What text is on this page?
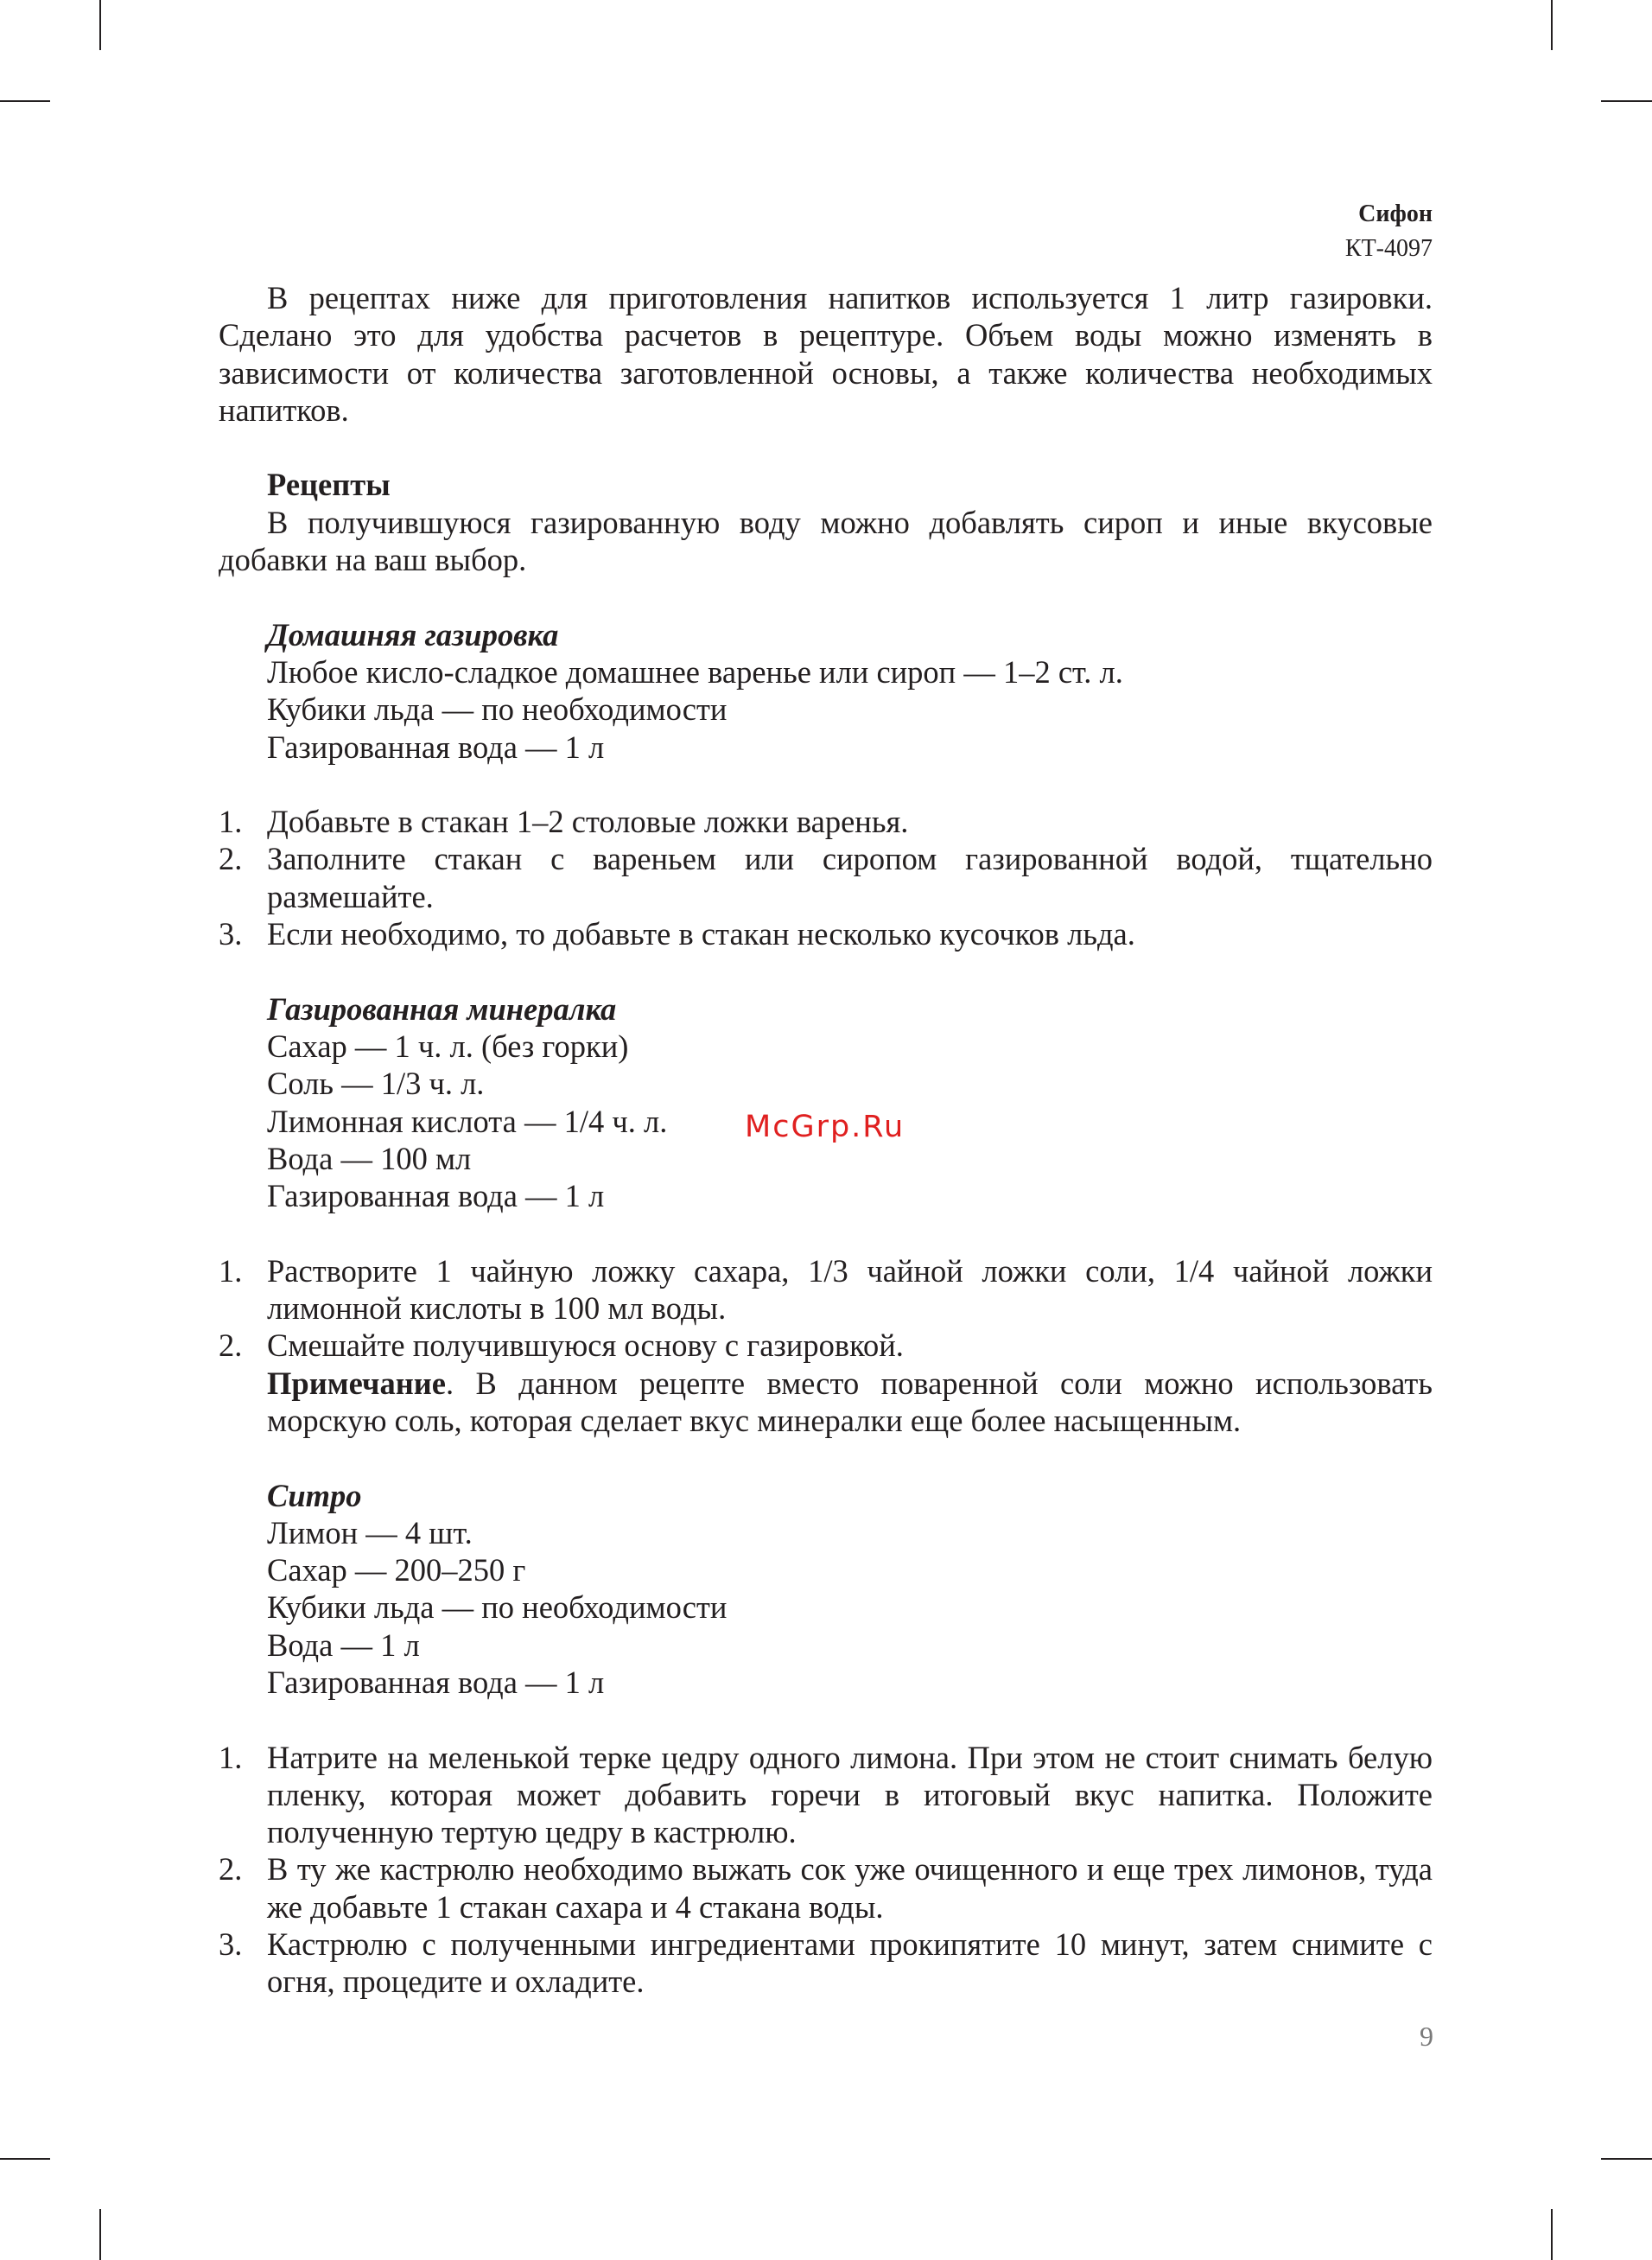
Сифон
КТ-4097

В рецептах ниже для приготовления напитков используется 1 литр газировки. Сделано это для удобства расчетов в рецептуре. Объем воды можно изменять в зависимости от количества заготовленной основы, а также количества необходимых напитков.

Рецепты

В получившуюся газированную воду можно добавлять сироп и иные вкусовые добавки на ваш выбор.

Домашняя газировка

Любое кисло-сладкое домашнее варенье или сироп — 1–2 ст. л.

Кубики льда — по необходимости

Газированная вода — 1 л

1. Добавьте в стакан 1–2 столовые ложки варенья.
2. Заполните стакан с вареньем или сиропом газированной водой, тщательно размешайте.
3. Если необходимо, то добавьте в стакан несколько кусочков льда.

Газированная минералка

Сахар — 1 ч. л. (без горки)

Соль — 1/3 ч. л.

Лимонная кислота — 1/4 ч. л.

Вода — 100 мл

Газированная вода — 1 л

1. Растворите 1 чайную ложку сахара, 1/3 чайной ложки соли, 1/4 чайной ложки лимонной кислоты в 100 мл воды.
2. Смешайте получившуюся основу с газировкой.

Примечание. В данном рецепте вместо поваренной соли можно использовать морскую соль, которая сделает вкус минералки еще более насыщенным.

Ситро

Лимон — 4 шт.

Сахар — 200–250 г

Кубики льда — по необходимости

Вода — 1 л

Газированная вода — 1 л

1. Натрите на меленькой терке цедру одного лимона. При этом не стоит снимать белую пленку, которая может добавить горечи в итоговый вкус напитка. Положите полученную тертую цедру в кастрюлю.
2. В ту же кастрюлю необходимо выжать сок уже очищенного и еще трех лимонов, туда же добавьте 1 стакан сахара и 4 стакана воды.
3. Кастрюлю с полученными ингредиентами прокипятите 10 минут, затем снимите с огня, процедите и охладите.
McGrp.Ru
9
